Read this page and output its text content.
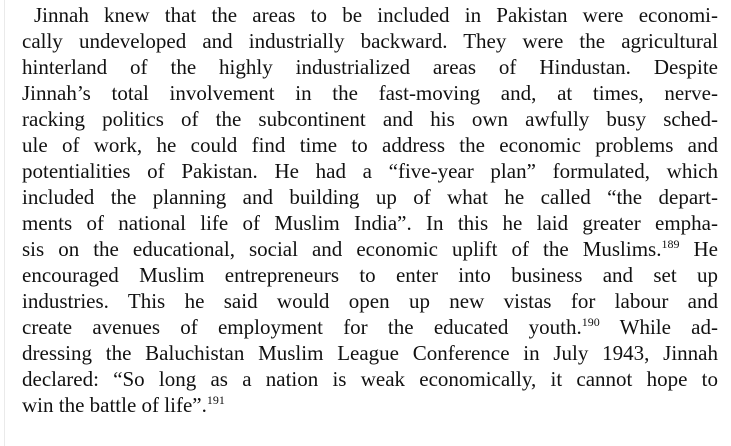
Jinnah knew that the areas to be included in Pakistan were economi-

cally undeveloped and industrially backward. They were the agricultural

hinterland of the highly industrialized areas of Hindustan. Despite

Jinnah’s total involvement in the fast-moving and, at times, nerve-

racking politics of the subcontinent and his own awfully busy sched-

ule of work, he could find time to address the economic problems and

potentialities of Pakistan. He had a “five-year plan” formulated, which

included the planning and building up of what he called “the depart-

ments of national life of Muslim India”. In this he laid greater empha-

sis on the educational, social and economic uplift of the Muslims.$^{189}$ He

encouraged Muslim entrepreneurs to enter into business and set up

industries. This he said would open up new vistas for labour and

create avenues of employment for the educated youth.$^{190}$ While ad-

dressing the Baluchistan Muslim League Conference in July 1943, Jinnah

declared: “So long as a nation is weak economically, it cannot hope to

win the battle of life”.$^{191}$
